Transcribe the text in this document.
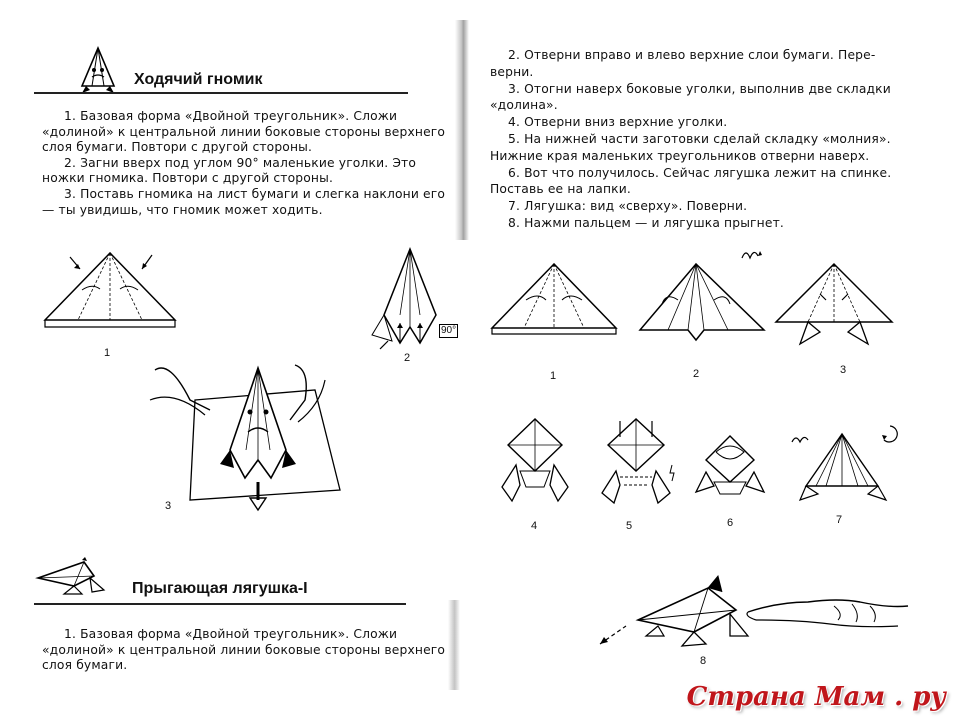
Ходячий гномик

1. Базовая форма «Двойной треугольник». Сложи «долиной» к центральной линии боковые стороны верхнего слоя бумаги. Повтори с другой стороны.

2. Загни вверх под углом 90° маленькие уголки. Это ножки гномика. Повтори с другой стороны.

3. Поставь гномика на лист бумаги и слегка наклони его — ты увидишь, что гномик может ходить.

1
90°
2
3
Прыгающая лягушка-I

1. Базовая форма «Двойной треугольник». Сложи «долиной» к центральной линии боковые стороны верхнего слоя бумаги.

2. Отверни вправо и влево верхние слои бумаги. Пере-
верни.
3. Отогни наверх боковые уголки, выполнив две складки
«долина».
4. Отверни вниз верхние уголки.
5. На нижней части заготовки сделай складку «молния».
Нижние края маленьких треугольников отверни наверх.
6. Вот что получилось. Сейчас лягушка лежит на спинке.
Поставь ее на лапки.
7. Лягушка: вид «сверху». Поверни.
8. Нажми пальцем — и лягушка прыгнет.
1	2	3
4	5	6	7
8
Страна Мам . ру
